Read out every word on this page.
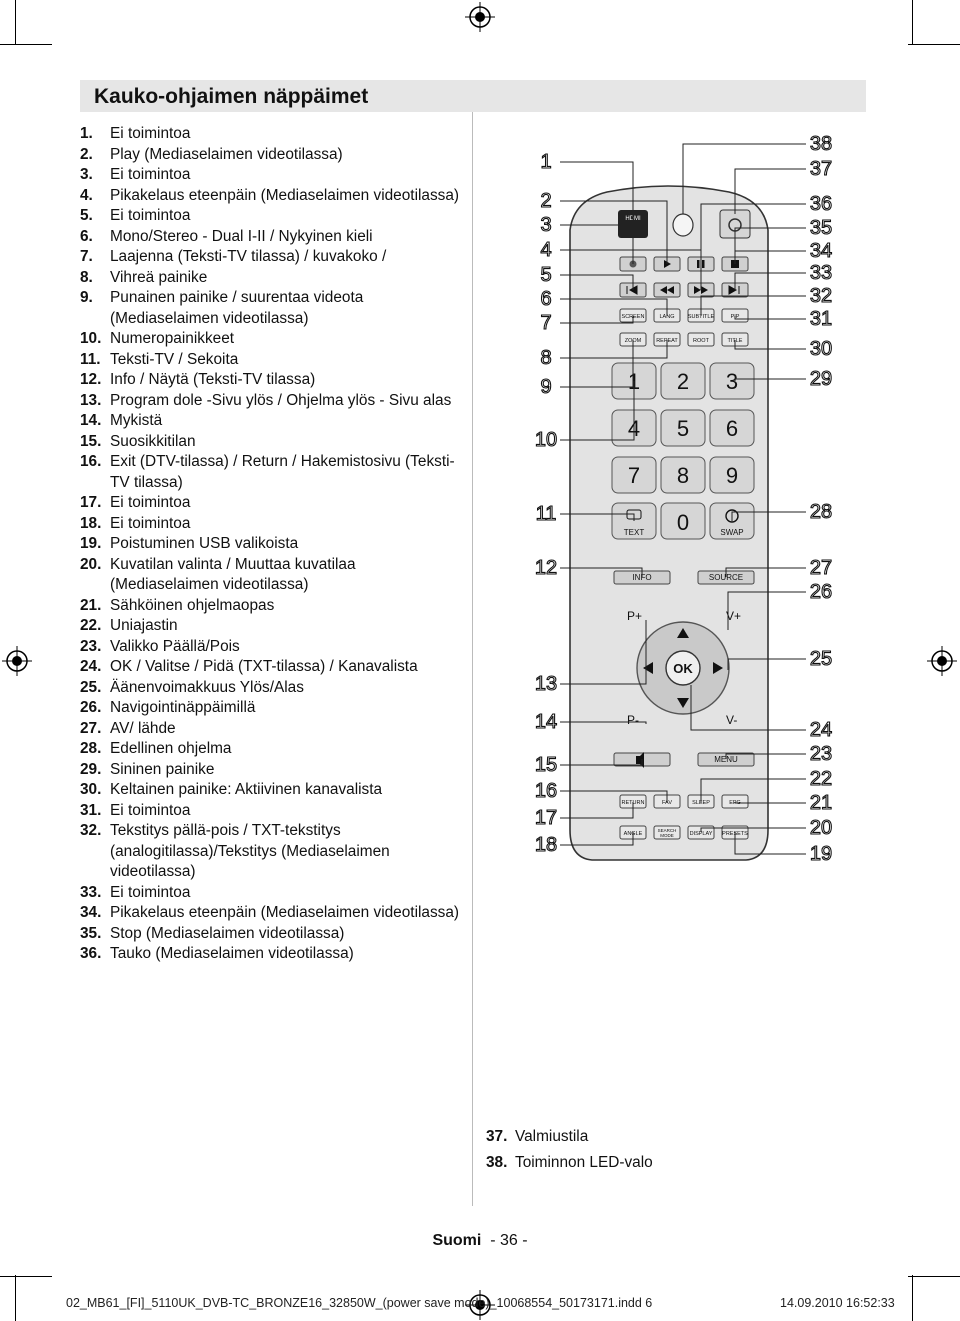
Kauko-ohjaimen näppäimet
1.	Ei toimintoa
2.	Play (Mediaselaimen videotilassa)
3.	Ei toimintoa
4.	Pikakelaus eteenpäin (Mediaselaimen videotilassa)
5.	Ei toimintoa
6.	Mono/Stereo - Dual I-II / Nykyinen kieli
7.	Laajenna (Teksti-TV tilassa) / kuvakoko /
8.	Vihreä painike
9.	Punainen painike / suurentaa videota (Mediaselaimen videotilassa)
10. Numeropainikkeet
11. Teksti-TV / Sekoita
12. Info / Näytä (Teksti-TV tilassa)
13. Program dole -Sivu ylös / Ohjelma ylös - Sivu alas
14. Mykistä
15. Suosikkitilan
16. Exit (DTV-tilassa) / Return / Hakemistosivu (Teksti-TV tilassa)
17. Ei toimintoa
18. Ei toimintoa
19. Poistuminen USB valikoista
20. Kuvatilan valinta / Muuttaa kuvatilaa (Mediaselaimen videotilassa)
21. Sähköinen ohjelmaopas
22. Uniajastin
23. Valikko Päällä/Pois
24. OK / Valitse / Pidä (TXT-tilassa) / Kanavalista
25. Äänenvoimakkuus Ylös/Alas
26. Navigointinäppäimillä
27. AV/ lähde
28. Edellinen ohjelma
29. Sininen painike
30. Keltainen painike: Aktiivinen kanavalista
31. Ei toimintoa
32. Tekstitys pällä-pois / TXT-tekstitys (analogitilassa)/Tekstitys (Mediaselaimen videotilassa)
33. Ei toimintoa
34. Pikakelaus eteenpäin (Mediaselaimen videotilassa)
35. Stop (Mediaselaimen videotilassa)
36. Tauko (Mediaselaimen videotilassa)
37. Valmiustila
38. Toiminnon LED-valo
HDMI
SCREEN	LANG SUBTITLE	PIP
ZOOM	REPEAT	ROOT	TITLE
1 2 3
4 5 6
7 8 9
TEXT 0	SWAP
INFO	SOURCE
P+	V+
P-	V-
OK
MENU
RETURN	FAV	SLEEP	EPG
ANGLE
SEARCH
MODE	DISPLAY PRESETS
1
2
3
4
5
6
7
8
9
10
11
12
13
14
15
16
17
18
38
37
36
35
34
33
32
31
30
29
28
27
26
25
24
23
22
21
20
19
Suomi - 36 -
02_MB61_[FI]_5110UK_DVB-TC_BRONZE16_32850W_(power save mode)_10068554_50173171.indd 6	14.09.2010 16:52:33
